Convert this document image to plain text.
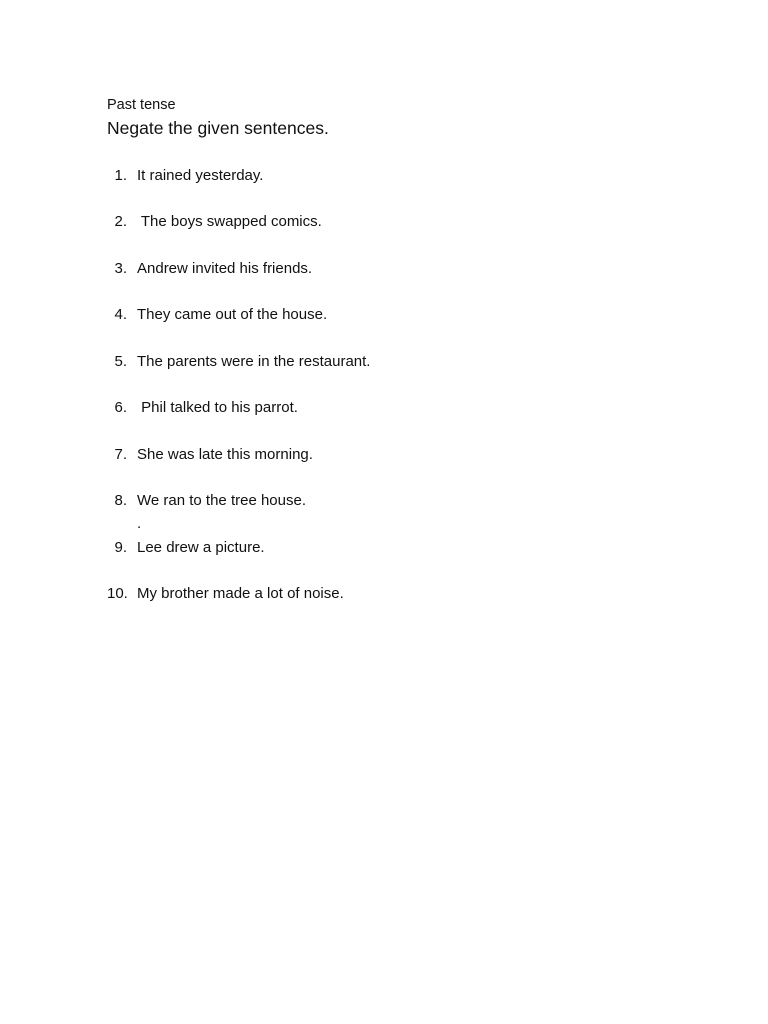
Past tense
Negate the given sentences.
1. It rained yesterday.
2. The boys swapped comics.
3. Andrew invited his friends.
4. They came out of the house.
5. The parents were in the restaurant.
6. Phil talked to his parrot.
7. She was late this morning.
8. We ran to the tree house.
.
9. Lee drew a picture.
10. My brother made a lot of noise.
